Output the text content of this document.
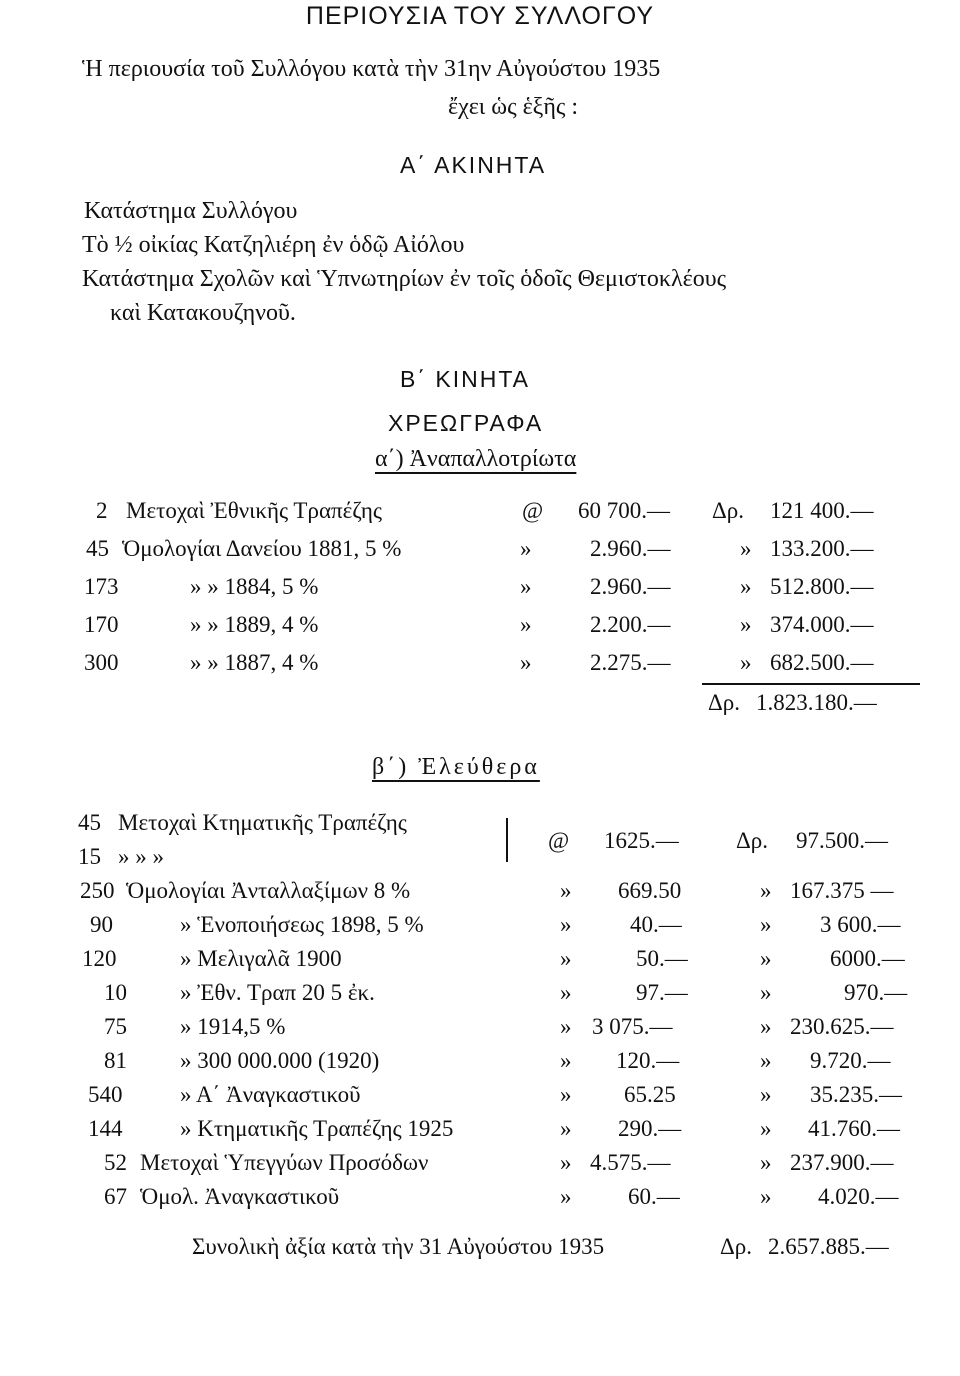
ΠΕΡΙΟΥΣΙΑ ΤΟΥ ΣΥΛΛΟΓΟΥ
Ἡ περιουσία τοῦ Συλλόγου κατὰ τὴν 31ην Αὐγούστου 1935
ἔχει ὡς ἑξῆς :
Α΄ ΑΚΙΝΗΤΑ
Κατάστημα Συλλόγου
Τὸ ½ οἰκίας Κατζηλιέρη ἐν ὁδῷ Αἰόλου
Κατάστημα Σχολῶν καὶ Ὑπνωτηρίων ἐν τοῖς ὁδοῖς Θεμιστοκλέους
καὶ Κατακουζηνοῦ.
Β΄ ΚΙΝΗΤΑ
ΧΡΕΩΓΡΑΦΑ
α΄) Ἀναπαλλοτρίωτα
2 Μετοχαὶ Ἐθνικῆς Τραπέζης	@ 60 700.— Δρ. 121 400.—
45 Ὁμολογίαι Δανείου 1881, 5 %	»	2.960.—	» 133.200.—
173	» » 1884, 5 %	»	2.960.—	» 512.800.—
170	» » 1889, 4 %	»	2.200.—	» 374.000.—
300	» » 1887, 4 %	»	2.275.—	» 682.500.—
Δρ. 1.823.180.—
β΄) Ἐλεύθερα
45 Μετοχαὶ Κτηματικῆς Τραπέζης
15 » » »
@ 1625.— Δρ. 97.500.—
250 Ὁμολογίαι Ἀνταλλαξίμων 8 %	» 669.50	» 167.375 —
90	» Ἑνοποιήσεως 1898, 5 %	»	40.—	» 3 600.—
120	» Μελιγαλᾶ 1900	»	50.—	»	6000.—
10 » Ἐθν. Τραπ 20 5 ἐκ.	»	97.—	»	970.—
75 » 1914,5 %	» 3 075.—	» 230.625.—
81 » 300 000.000 (1920)	» 120.—	» 9.720.—
540	» Α΄ Ἀναγκαστικοῦ	» 65.25	» 35.235.—
144	» Κτηματικῆς Τραπέζης 1925	» 290.—	» 41.760.—
52 Μετοχαὶ Ὑπεγγύων Προσόδων	» 4.575.—	» 237.900.—
67 Ὁμολ. Ἀναγκαστικοῦ	» 60.—	» 4.020.—
Συνολικὴ ἀξία κατὰ τὴν 31 Αὐγούστου 1935	Δρ. 2.657.885.—
